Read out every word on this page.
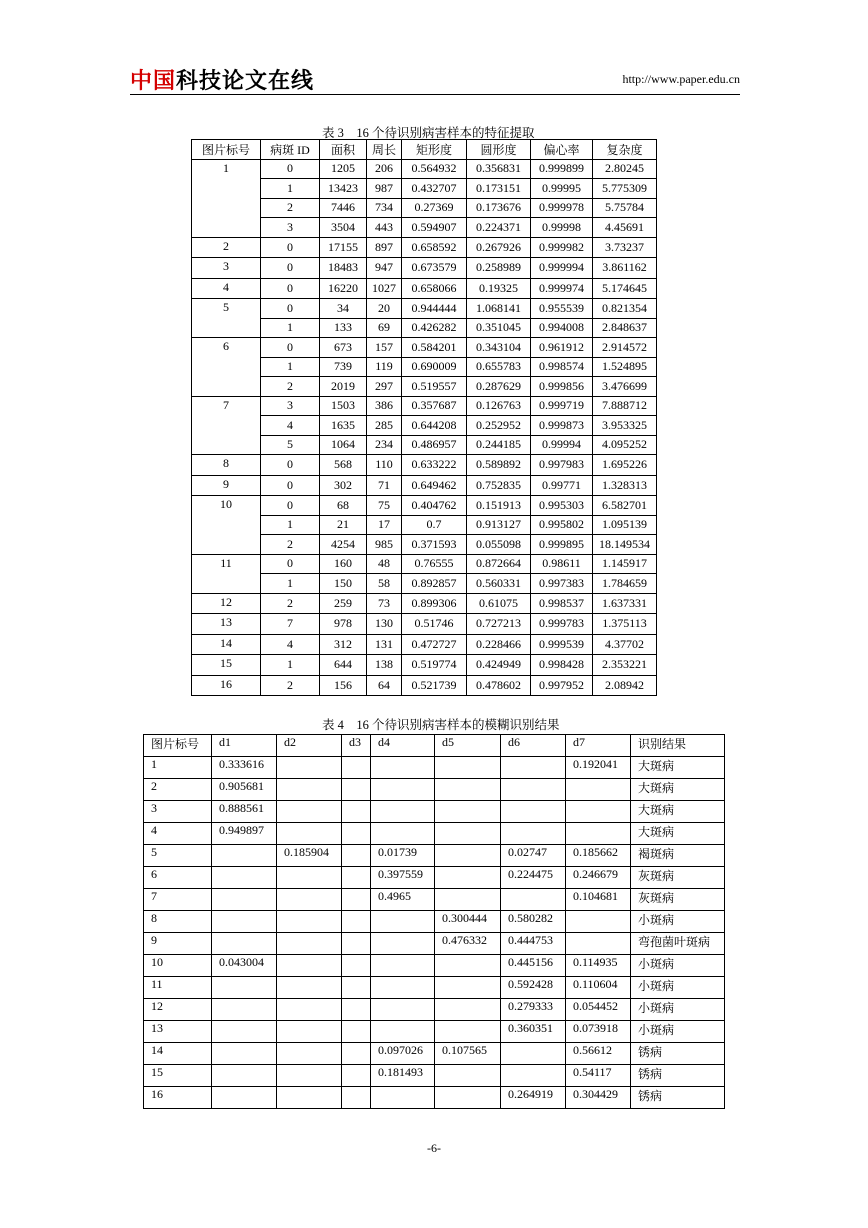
中国科技论文在线	http://www.paper.edu.cn
表 3　16 个待识别病害样本的特征提取
图片标号	病斑 ID	面积	周长	矩形度	圆形度	偏心率	复杂度
1	0	1205	206	0.564932	0.356831	0.999899	2.80245
	1	13423	987	0.432707	0.173151	0.99995	5.775309
	2	7446	734	0.27369	0.173676	0.999978	5.75784
	3	3504	443	0.594907	0.224371	0.99998	4.45691
2	0	17155	897	0.658592	0.267926	0.999982	3.73237
3	0	18483	947	0.673579	0.258989	0.999994	3.861162
4	0	16220	1027	0.658066	0.19325	0.999974	5.174645
5	0	34	20	0.944444	1.068141	0.955539	0.821354
	1	133	69	0.426282	0.351045	0.994008	2.848637
6	0	673	157	0.584201	0.343104	0.961912	2.914572
	1	739	119	0.690009	0.655783	0.998574	1.524895
	2	2019	297	0.519557	0.287629	0.999856	3.476699
7	3	1503	386	0.357687	0.126763	0.999719	7.888712
	4	1635	285	0.644208	0.252952	0.999873	3.953325
	5	1064	234	0.486957	0.244185	0.99994	4.095252
8	0	568	110	0.633222	0.589892	0.997983	1.695226
9	0	302	71	0.649462	0.752835	0.99771	1.328313
10	0	68	75	0.404762	0.151913	0.995303	6.582701
	1	21	17	0.7	0.913127	0.995802	1.095139
	2	4254	985	0.371593	0.055098	0.999895	18.149534
11	0	160	48	0.76555	0.872664	0.98611	1.145917
	1	150	58	0.892857	0.560331	0.997383	1.784659
12	2	259	73	0.899306	0.61075	0.998537	1.637331
13	7	978	130	0.51746	0.727213	0.999783	1.375113
14	4	312	131	0.472727	0.228466	0.999539	4.37702
15	1	644	138	0.519774	0.424949	0.998428	2.353221
16	2	156	64	0.521739	0.478602	0.997952	2.08942
表 4　16 个待识别病害样本的模糊识别结果
图片标号	d1	d2	d3	d4	d5	d6	d7	识别结果
1	0.333616						0.192041	大斑病
2	0.905681							大斑病
3	0.888561							大斑病
4	0.949897							大斑病
5		0.185904		0.01739		0.02747	0.185662	褐斑病
6				0.397559		0.224475	0.246679	灰斑病
7				0.4965			0.104681	灰斑病
8					0.300444	0.580282		小斑病
9					0.476332	0.444753		弯孢菌叶斑病
10	0.043004					0.445156	0.114935	小斑病
11						0.592428	0.110604	小斑病
12						0.279333	0.054452	小斑病
13						0.360351	0.073918	小斑病
14				0.097026	0.107565		0.56612	锈病
15				0.181493			0.54117	锈病
16						0.264919	0.304429	锈病
-6-
